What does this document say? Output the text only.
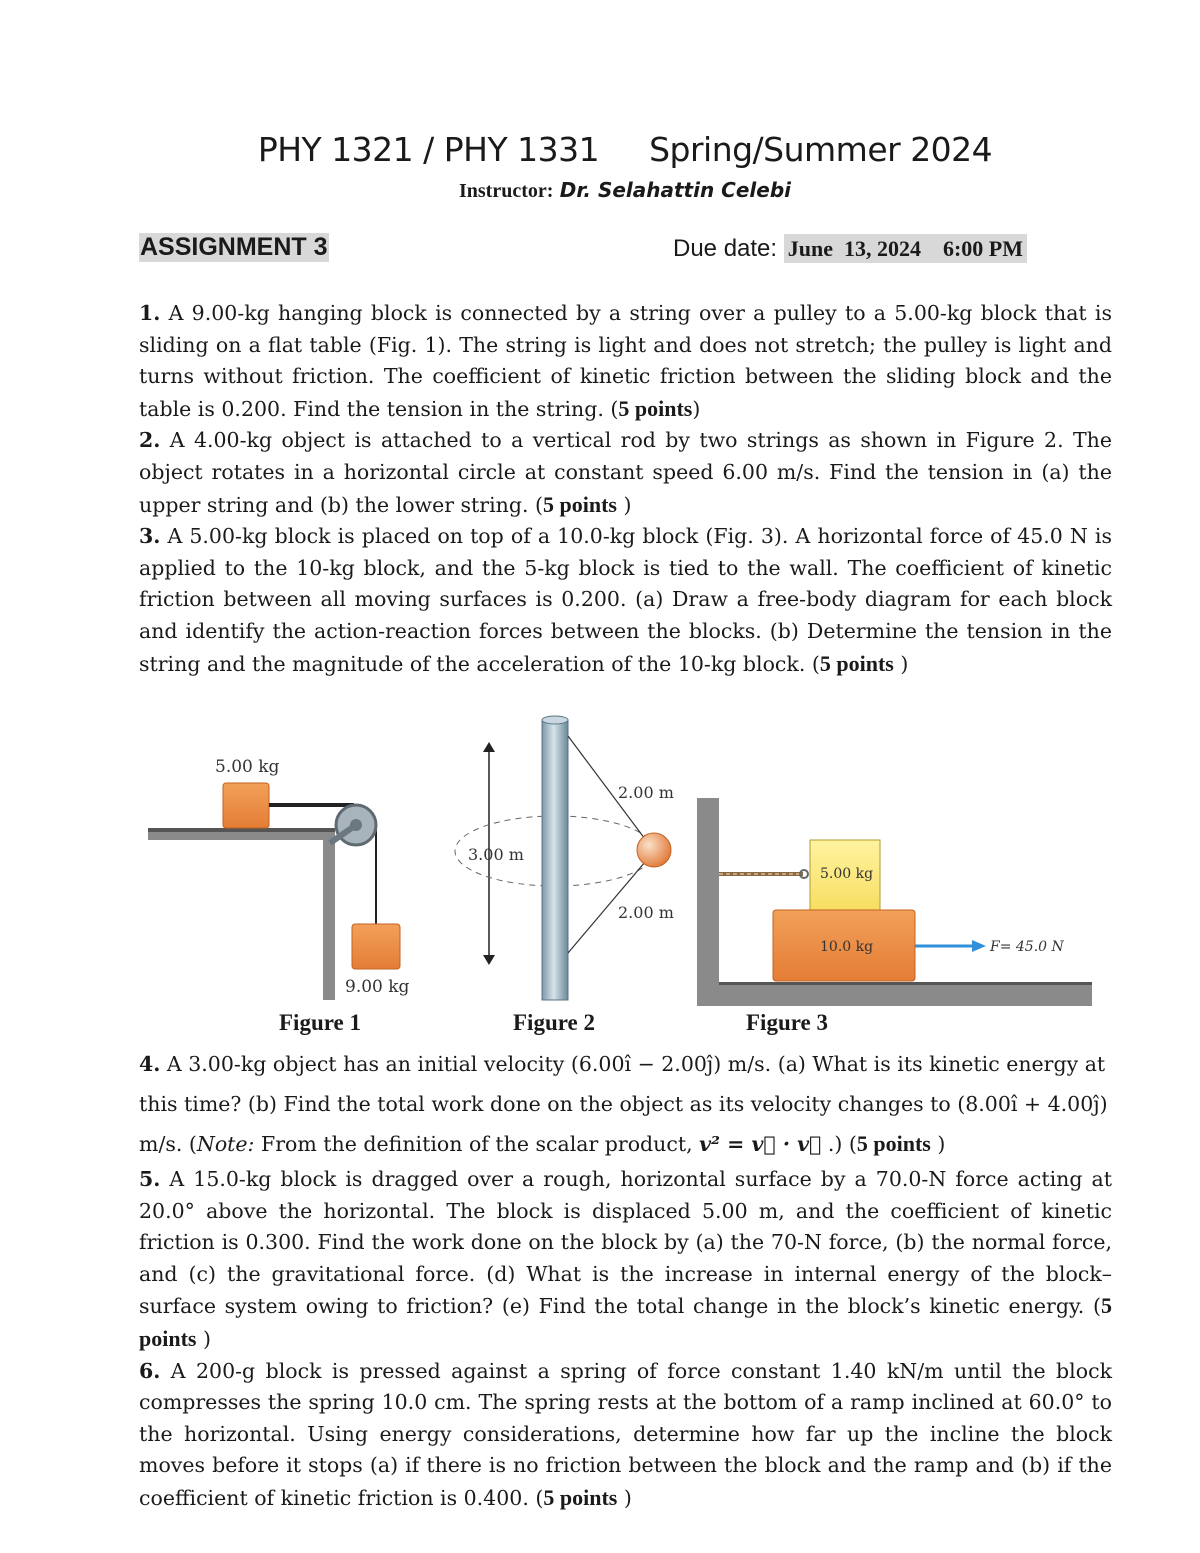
PHY 1321 / PHY 1331     Spring/Summer 2024
Instructor: Dr. Selahattin Celebi
ASSIGNMENT 3	Due date: June  13, 2024    6:00 PM

1. A 9.00-kg hanging block is connected by a string over a pulley to a 5.00-kg block that is sliding on a flat table (Fig. 1). The string is light and does not stretch; the pulley is light and turns without friction. The coefficient of kinetic friction between the sliding block and the table is 0.200. Find the tension in the string. (5 points)

2. A 4.00-kg object is attached to a vertical rod by two strings as shown in Figure 2. The object rotates in a horizontal circle at constant speed 6.00 m/s. Find the tension in (a) the upper string and (b) the lower string. (5 points )

3. A 5.00-kg block is placed on top of a 10.0-kg block (Fig. 3). A horizontal force of 45.0 N is applied to the 10-kg block, and the 5-kg block is tied to the wall. The coefficient of kinetic friction between all moving surfaces is 0.200. (a) Draw a free-body diagram for each block and identify the action-reaction forces between the blocks. (b) Determine the tension in the string and the magnitude of the acceleration of the 10-kg block. (5 points )

5.00 kg
9.00 kg
2.00 m
2.00 m
3.00 m
5.00 kg
10.0 kg	F= 45.0 N
Figure 1	Figure 2	Figure 3

4. A 3.00-kg object has an initial velocity (6.00î − 2.00ĵ) m/s. (a) What is its kinetic energy at
this time? (b) Find the total work done on the object as its velocity changes to (8.00î + 4.00ĵ)
m/s. (Note: From the definition of the scalar product, v² = v⃗ · v⃗ .) (5 points )

5. A 15.0-kg block is dragged over a rough, horizontal surface by a 70.0-N force acting at 20.0° above the horizontal. The block is displaced 5.00 m, and the coefficient of kinetic friction is 0.300. Find the work done on the block by (a) the 70-N force, (b) the normal force, and (c) the gravitational force. (d) What is the increase in internal energy of the block–surface system owing to friction? (e) Find the total change in the block’s kinetic energy. (5 points )

6. A 200-g block is pressed against a spring of force constant 1.40 kN/m until the block compresses the spring 10.0 cm. The spring rests at the bottom of a ramp inclined at 60.0° to the horizontal. Using energy considerations, determine how far up the incline the block moves before it stops (a) if there is no friction between the block and the ramp and (b) if the coefficient of kinetic friction is 0.400. (5 points )
